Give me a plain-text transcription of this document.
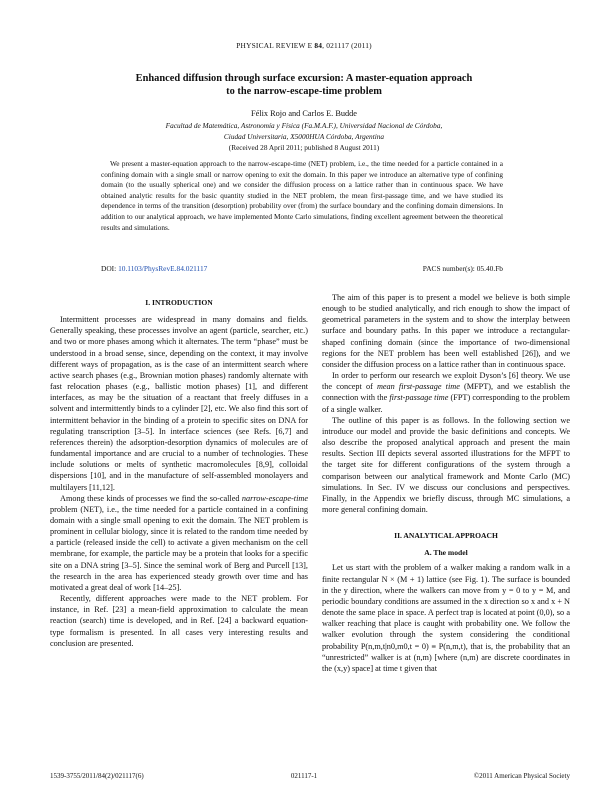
PHYSICAL REVIEW E 84, 021117 (2011)
Enhanced diffusion through surface excursion: A master-equation approach
to the narrow-escape-time problem
Félix Rojo and Carlos E. Budde
Facultad de Matemática, Astronomía y Física (Fa.M.A.F.), Universidad Nacional de Córdoba,
Ciudad Universitaria, X5000HUA Córdoba, Argentina
(Received 28 April 2011; published 8 August 2011)
We present a master-equation approach to the narrow-escape-time (NET) problem, i.e., the time needed for a particle contained in a confining domain with a single small or narrow opening to exit the domain. In this paper we introduce an alternative type of confining domain (to the usually spherical one) and we consider the diffusion process on a lattice rather than in continuous space. We have obtained analytic results for the basic quantity studied in the NET problem, the mean first-passage time, and we have studied its dependence in terms of the transition (desorption) probability over (from) the surface boundary and the confining domain dimensions. In addition to our analytical approach, we have implemented Monte Carlo simulations, finding excellent agreement between the theoretical results and simulations.
DOI: 10.1103/PhysRevE.84.021117	PACS number(s): 05.40.Fb
I. INTRODUCTION

Intermittent processes are widespread in many domains and fields. Generally speaking, these processes involve an agent (particle, searcher, etc.) and two or more phases among which it alternates. The term “phase” must be understood in a broad sense, since, depending on the context, it may involve different ways of propagation, as is the case of an intermittent search where active search phases (e.g., Brownian motion phases) randomly alternate with fast relocation phases (e.g., ballistic motion phases) [1], and different interfaces, as may be the situation of a reactant that freely diffuses in a solvent and intermittently binds to a cylinder [2], etc. We also find this sort of intermittent behavior in the binding of a protein to specific sites on DNA for regulating transcription [3–5]. In interface sciences (see Refs. [6,7] and references therein) the adsorption-desorption dynamics of molecules are of fundamental importance and are crucial to a number of technologies. These include solutions or melts of synthetic macromolecules [8,9], colloidal dispersions [10], and in the manufacture of self-assembled monolayers and multilayers [11,12].

Among these kinds of processes we find the so-called narrow-escape-time problem (NET), i.e., the time needed for a particle contained in a confining domain with a single small opening to exit the domain. The NET problem is prominent in cellular biology, since it is related to the random time needed by a particle (released inside the cell) to activate a given mechanism on the cell membrane, for example, the particle may be a protein that looks for a specific site on a DNA string [3–5]. Since the seminal work of Berg and Purcell [13], the research in the area has experienced steady growth over time and has motivated a great deal of work [14–25].

Recently, different approaches were made to the NET problem. For instance, in Ref. [23] a mean-field approximation to calculate the mean reaction (search) time is developed, and in Ref. [24] a backward equation-type formalism is presented. In all cases very interesting results and conclusion are presented.

The aim of this paper is to present a model we believe is both simple enough to be studied analytically, and rich enough to show the impact of geometrical parameters in the system and to show the interplay between surface and boundary paths. In this paper we introduce a rectangular-shaped confining domain (since the importance of two-dimensional regions for the NET problem has been well established [26]), and we consider the diffusion process on a lattice rather than in continuous space.

In order to perform our research we exploit Dyson’s [6] theory. We use the concept of mean first-passage time (MFPT), and we establish the connection with the first-passage time (FPT) corresponding to the problem of a single walker.

The outline of this paper is as follows. In the following section we introduce our model and provide the basic definitions and concepts. We also describe the proposed analytical approach and present the main results. Section III depicts several assorted illustrations for the MFPT to the target site for different configurations of the system through a comparison between our analytical framework and Monte Carlo (MC) simulations. In Sec. IV we discuss our conclusions and perspectives. Finally, in the Appendix we briefly discuss, through MC simulations, a more general confining domain.

II. ANALYTICAL APPROACH
A. The model

Let us start with the problem of a walker making a random walk in a finite rectangular N × (M + 1) lattice (see Fig. 1). The surface is bounded in the y direction, where the walkers can move from y = 0 to y = M, and periodic boundary conditions are assumed in the x direction so x and x + N denote the same place in space. A perfect trap is located at point (0,0), so a walker reaching that place is caught with probability one. We follow the walker evolution through the system considering the conditional probability P(n,m,t|n0,m0,t = 0) ≡ P(n,m,t), that is, the probability that an “unrestricted” walker is at (n,m) [where (n,m) are discrete coordinates in the (x,y) space] at time t given that

1539-3755/2011/84(2)/021117(6)	021117-1	©2011 American Physical Society
